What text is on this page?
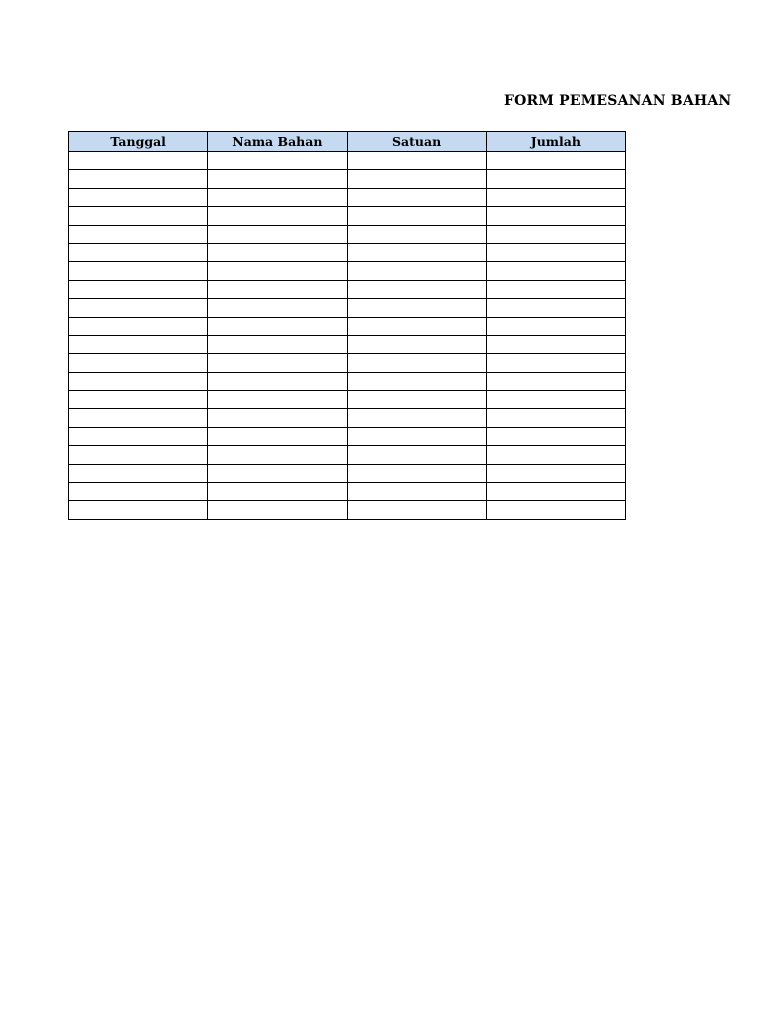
FORM PEMESANAN BAHAN
Tanggal	Nama Bahan	Satuan	Jumlah
